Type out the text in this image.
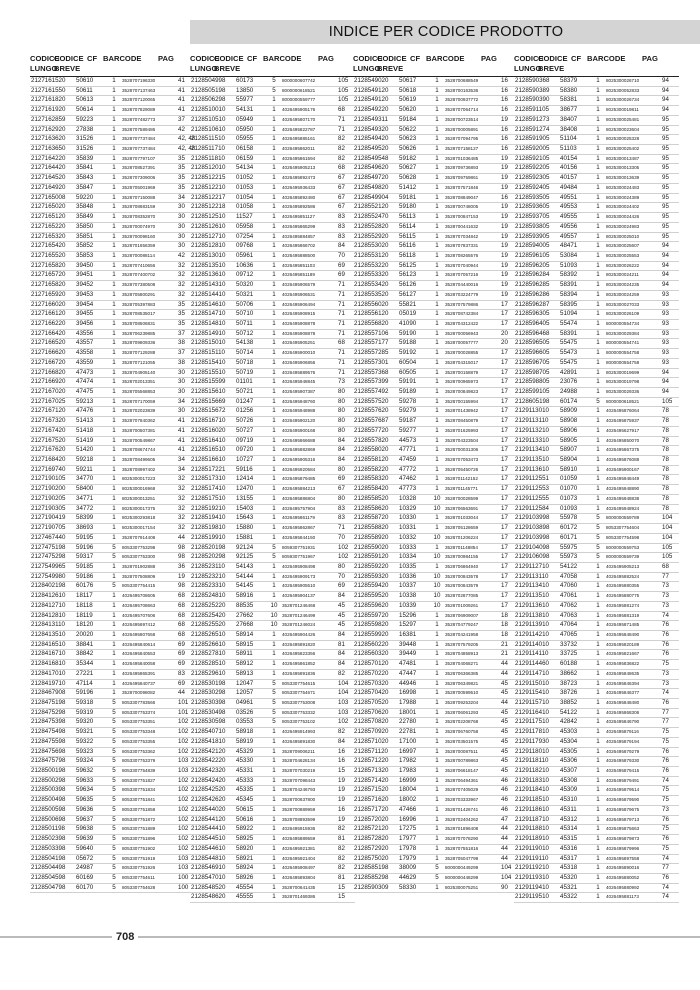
INDICE PER CODICE PRODOTTO
CODICE
CODICE CF BARCODE PAG
LUNGO
BREVE
2127161520 50610	1	3528707196330	41
2127161550 50611	1	3528707137463	41
2127161820 50613	1	3528707120065	41
2127161920 50614	1	3528707829089	41
2127162859 59223	1	3528707482773	37
2127162920 27838	1	3528707589486	42
2127163620 31526	1	3528707737484	42, 48
2127163650 31526	1	3528707737484	42, 48
2127164220 35839	1	3528707797107	35
2127164420 35841	1	3528708527391	35
2127164520 35843	1	3528707309006	35
2127164920 35847	1	3528705001969	35
2127165008 59220	1	3528707150088	34
2127165020 35848	1	3528708683159	30
2127165120 35849	1	3528708352870	30
2127165220 35850	1	3528700074970	30
2127165320 35851	1	3528700098160	30
2127165420 35852	1	3528701656359	30
2127165520 35853	1	3528700088114	42
2127165820 39450	1	3528707410656	32
2127165720 39451	1	3528707400702	32
2127165820 39452	1	3528707380508	32
2127165920 39453	1	3528705800291	32
2127166020 39454	1	3528705397883	35
2127166120 39455	1	3528708535017	35
2127166220 39456	1	3528708506831	35
2127166420 43556	1	3528706239885	37
2127166520 43557	1	3528709809336	38
2127166620 43558	1	3528707129288	37
2127166720 43559	1	3528707121055	38
2127166820 47473	1	3528704905140	30
2127166920 47474	1	3528702013351	30
2127167020 47475	1	3528705568853	30
2127167025 59213	1	3528707170059	34
2127167120 47476	1	3528702023839	30
2127167320 51413	1	3528707840362	41
2127167420 51418	1	3528700507381	41
2127167520 51419	1	3528700549867	41
2127167620 51420	1	3528708674744	41
2127168420 59218	1	3528708499605	34
2127169740 59211	1	3528708997402	34
2127190105 34770	1	8025300017223	32
2127190200 58400	1	8025300016968	32
2127190205 34771	1	8025300013251	32
2127190305 34772	1	8025300017375	32
2127190419 58399	1	8025300293818	32
2127190705 38693	1	8025300017154	32
2127467440 59195	1	3528707914408	44
2127475198 59196	5	8053307753298	98
2127475298 59317	5	8053307753300	98
2127549965 59185	1	3528701902888	36
2127549980 59186	1	3528707508809	19
2128402198 60176	5	8053307754415	98
2128412610 18117	1	4026495708605	68
2128412710 18118	1	4026495708663	68
2128412810 18119	1	4026495707606	68
2128413110 18120	1	4026495697412	68
2128413510 20020	1	4026495807658	68
2128416510 38841	1	4026495840614	69
2128416710 38842	1	4026495840553	69
2128416810 35344	1	4026495840058	69
2128417010 27221	1	4026495865391	83
2128419710 47114	1	4026495840737	69
2128467908 59196	1	3528700098082	44
2128475198 59318	5	8053307783566	101
2128475298 59319	5	8053307753374	101
2128475398 59320	5	8053307753351	102
2128475498 59321	5	8053307753348	102
2128475598 59322	5	8053307753355	102
2128475698 59323	5	8053307753362	102
2128475798 59324	5	8053307753379	103
2128500198 59632	5	8053307754839	103
2128500298 59633	5	8053307751827	102
2128500398 59634	5	8053307751834	102
2128500498 59635	5	8053307751841	102
2128500598 59636	5	8053307751858	102
2128500698 59637	5	8053307751872	102
2128501198 59638	5	8053307751889	102
2128502398 59639	5	8053307751896	102
2128503398 59640	5	8053307751902	102
2128504198 05672	5	8053307751919	103
2128504498 24987	5	8053307751926	103
2128504598 60169	5	8053307754611	100
2128504798 60170	5	8053307754628	100
CODICE
CODICE CF BARCODE PAG
LUNGO
BREVE
2128504998 60173	5	8000000607742	105
2128505198 13850	5	8000000618521	105
2128506298 55977	1	8000000559777	105
2128510010 54131	1	4026495905176	68
2128510510 05949	1	4026495807170	71
2128510610 05950	1	4026495822787	71
2128511510 05955	1	4026495885161	82
2128511710 06158	1	4026495862011	82
2128511810 06159	1	4026495861594	82
2128512010 54134	1	4026495905213	68
2128512215 01052	1	4026495892473	67
2128512210 01053	1	4026495936433	67
2128512217 01054	1	4026495892480	67
2128512218 01058	1	4026495892586	67
2128512510 11527	1	4026495851127	83
2128512610 05958	1	4026495865299	83
2128512710 07254	1	4026495884857	83
2128512810 09768	1	4026495866702	84
2128513010 05961	1	4026495888500	70
2128513510 10636	1	4026495851103	69
2128513610 09712	1	4026495851189	69
2128514310 50320	1	4026495906579	71
2128514410 50321	1	4026495906531	71
2128514610 50706	1	4026495906494	71
2128514710 50710	1	4026495908915	71
2128514810 50711	1	4026495908878	71
2128514910 50712	1	4026495908878	71
2128515010 54138	1	4026495905251	68
2128515110 50714	1	4026495900010	71
2128515410 50718	1	4026495906856	71
2128515510 50719	1	4026495889576	71
2128515599 01101	1	4026495948845	73
2128515610 50721	1	4026495907387	80
2128515669 01247	1	4026495948760	80
2128515672 01256	1	4026495948988	80
2128516710 50726	1	4026495902120	80
2128516020 50727	1	4026495900168	80
2128516410 09719	1	4026495866688	84
2128516510 09720	1	4026495882869	84
2128516610 10727	1	4026495905316	84
2128517221 59116	1	4026495920584	80
2128517310 12414	1	4026495879485	69
2128517410 12470	1	4026495884213	67
2128517510 13155	1	4026495886804	80
2128519210 15403	1	4026495757904	83
2128519410 15643	1	4026495861179	83
2128519810 15880	1	4026495862867	71
2128519910 15881	1	4026495844150	70
2128520198 92124	5	8059307751931	102
2128520298 92125	5	8059307751967	102
2128523110 54143	1	4026495908498	80
2128523210 54144	1	4026495909173	70
2128523310 54145	1	4026495905510	69
2128524810 58916	1	4026495904137	84
2128525220 88535	10 3528701246468	45
2128525420 27662	10 3528701246499	45
2128525520 27668	10 3528701246024	45
2128526510 58914	1	4026495904426	84
2128526610 58915	1	4026495891820	81
2128527810 58911	1	4026495823356	84
2128528510 58912	1	4026495861852	84
2128529610 58913	1	4026495891836	82
2128530198 12047	5	8053307754615	104
2128530298 12057	5	8053307754671	104
2128530398 04961	5	8053307753008	103
2128530498 03526	5	8053307753332	103
2128530598 03553	5	8053307753102	102
2128540710 58918	1	4026495914993	82
2128541810 58919	1	4026495891830	84
2128542120 45329	1	3528709006211	16
2128542220 45330	1	3528704628134	16
2128542320 45331	1	3528707030219	15
2128542420 45333	1	3528707098443	19
2128542520 45335	1	3528704246793	19
2128542620 45345	1	3528700637800	19
2128544020 50615	1	3528700889959	16
2128544120 50616	1	3528708893599	19
2128544410 58922	1	4026495915936	82
2128544510 58925	1	4026495889559	81
2128544610 58920	1	4026495921381	82
2128544810 58921	1	4026495921404	82
2128546910 58924	1	4026495908497	82
2128547010 58926	1	4026495893804	81
2128548520 45554	1	3528700641435	15
2128548620 45555	1	3528701469386	15
CODICE
CODICE CF BARCODE PAG
LUNGO
BREVE
2128549020 50617	1	3528700688549	16
2128549120 50618	1	3528700163536	16
2128549120 50619	1	3528700937772	16
2128549220 50620	1	3528707064714	16
2128549311 59184	1	3528700723514	19
2128549320 50622	1	3528700005891	16
2128549420 50623	1	3528707094795	16
2128549520 50626	1	3528707158127	16
2128549548 59182	1	3528701036485	19
2128549620 50627	1	3528709736893	19
2128549720 50628	1	3528709759861	19
2128549820 51412	1	3528707571846	19
2128549904 59181	1	3528708849047	16
2128552120 59180	1	3528700748005	19
2128552470 56113	1	3528700847153	19
2128552820 56114	1	3528700441632	19
2128552920 56115	1	3528707034842	19
2128553020 56116	1	3528707837331	19
2128553120 56118	1	3528708265576	19
2128553220 56125	1	3528707040944	19
2128553320 56123	1	3528707057216	19
2128553420 56126	1	3528704440016	19
2128553520 56127	1	3528703224779	19
2128556020 55821	1	3528707579886	17
2128556120 05019	1	3528708742384	17
2128556820 41090	1	3528704312422	17
2128557106 59190	1	3528700056943	20
2128557177 59188	1	3528700057777	20
2128557285 59192	1	3528700028855	17
2128557301 60504	1	3528704315017	17
2128557368 60505	1	3528700158879	17
2128557399 59191	1	3528700965973	17
2128557492 59189	1	3528700849823	17
2128557520 59278	1	3528700155994	17
2128557620 59279	1	3528701438942	17
2128557687 59187	1	3528708450879	17
2128557720 59277	1	3528701625993	17
2128557820 44573	1	3528704323504	17
2128558020 47771	1	3528700031306	17
2128558120 47459	1	3528707053473	17
2128558220 47772	1	3528705450726	17
2128558320 47462	1	3528701142152	17
2128558420 47773	1	3528701145771	17
2128558520 10328	10 3528700028599	17
2128558620 10329	10 3528706563691	17
2128558720 10330	1	3528701033044	17
2128558820 10331	1	3528705128659	17
2128558920 10332	10 3528701206224	17
2128559020 10333	1	3528701148854	17
2128559120 10334	10 3528700984155	17
2128559220 10335	1	3528706864940	17
2128559320 10336	10 3528700843578	17
2128559420 10337	10 3528700843579	17
2128559520 10338	10 3528702877085	17
2128559620 10339	10 3528701009261	17
2128559720 15296	1	3528706909007	18
2128559820 15297	1	3528704779247	18
2128559920 16381	1	3528704241958	18
2128560220 39448	1	3528707579205	21
2128560320 39449	1	3528704858913	21
2128570120 47481	1	3528704068271	44
2128570220 47447	1	3528706366385	44
2128570320 44946	1	3528706349821	45
2128570420 16998	1	3528700599510	45
2128570520 17988	1	3528709253204	44
2128570620 18001	1	3528706061293	45
2128570820 22780	1	3528702208768	45
2128570920 22781	1	3528706760758	45
2128571020 17100	1	3528703501575	45
2128571120 16997	1	3528700087511	45
2128571220 17982	1	3528700789863	45
2128571320 17983	1	3528706618147	45
2128571420 16999	1	3528706494361	46
2128571520 18004	1	3528707405029	46
2128571620 18002	1	3528703333967	46
2128571720 47466	1	3528701426741	46
2128572020 16996	1	3528702404262	47
2128572120 17275	1	3528701896408	44
2128572820 17977	1	3528707078290	44
2128572920 17978	1	3528707551816	44
2128575020 17979	1	3528705047799	44
2128585198 38009	5	8000000449299	104
2128585298 44629	5	8000000448299	104
2128590309 58330	1	8025300075251	90
CODICE
CODICE CF BARCODE PAG
LUNGO
BREVE
2128590368 58379	1	8025300026710	94
2128590389 58380	1	8025300052833	94
2128590390 58381	1	8025300026734	94
2128591105 38677	1	8025300019811	94
2128591273 38407	1	8025300025481	95
2128591274 38408	1	8025300023604	95
2128591905 51104	1	8025300025328	95
2128592005 51103	1	8025300025402	95
2128592105 40154	1	8025300013487	95
2128592205 40156	1	8025300013305	95
2128592305 40157	1	8025300013639	95
2128592405 49484	1	8025300024483	95
2128593505 49551	1	8025300024389	95
2128593605 49553	1	8025300024402	95
2128593705 49555	1	8025300024426	95
2128593805 49556	1	8025300024983	95
2128593905 49557	1	8025300025010	95
2128594005 48471	1	8025300025607	94
2128596105 53084	1	8025300025553	94
2128596205 51093	1	8025300026222	94
2128596284 58392	1	8025300024211	94
2128596285 58391	1	8025300024235	94
2128596286 58394	1	8025300024259	93
2128596287 58395	1	8025300027033	93
2128596305 51094	1	8025300026109	93
2128596405 55474	1	8000000554734	93
2128596468 58391	1	8025300029384	93
2128596505 55475	1	8000000554741	93
2128596605 55473	1	8000000554758	93
2128596705 55475	1	8000000554758	93
2128598705 42891	1	8025300019699	94
2128598805 23076	1	8025300019798	94
2128599105 24988	1	8025300029336	94
2128605198 60174	5	8000000618521	105
2129113010 58909	1	4026495876064	78
2129113110 58908	1	4026495875937	78
2129113210 58906	1	4026495627917	78
2129113310 58905	1	4026495850070	78
2129113410 58907	1	4026495867375	78
2129113510 58904	1	4026495876088	78
2129113610 58910	1	4026495900167	78
2129112551 01059	1	4026495948449	78
2129112553 01070	1	4026495948890	78
2129112555 01073	1	4026495948838	78
2129112584 01093	1	4026495948924	78
2129103998 55978	5	8000000559789	104
2129103898 60172	5	8053307754604	104
2129103998 60171	5	8053307754598	104
2129104098 55975	5	8000000559753	105
2129106098 55973	5	8000000559739	105
2129112710 54122	1	4026495905213	68
2129113110 47058	1	4026495882524	77
2129113410 47060	1	4026495880355	73
2129113510 47061	1	4026495880775	73
2129113610 47062	1	4026495881274	73
2129113810 47063	1	4026495881319	74
2129113910 47064	1	4026495871485	76
2129114210 47065	1	4026495848490	76
2129114010 33732	1	4026495820189	76
2129114110 33725	1	4026495821667	76
2129114460 60188	1	4026495836822	75
2129114710 38662	1	4026495848635	73
2129115010 38723	1	4026495846394	73
2129115410 38726	1	4026495846377	74
2129115710 38852	1	4026495848480	76
2129116410 54122	1	4026495868306	77
2129117510 42842	1	4026495846790	77
2129117810 45303	1	4026495879116	75
2129117930 45304	1	4026495879194	75
2129118010 45305	1	4026495879279	76
2129118110 45306	1	4026495879330	76
2129118210 45307	1	4026495879415	76
2129118310 45308	1	4026495879491	74
2129118410 45309	1	4026495879514	75
2129118510 45310	1	4026495879590	75
2129118610 45311	1	4026495879675	73
2129118710 45312	1	4026495879713	76
2129118810 45314	1	4026495875663	75
2129118910 45315	1	4026495879873	76
2129119010 45316	1	4026495879996	75
2129119110 45317	1	4026495897558	74
2129119210 45318	1	4026495890016	77
2129119310 45320	1	4026495880052	76
2129119410 45321	1	4026495880992	74
2129119510 45322	1	4026495881173	74
708
